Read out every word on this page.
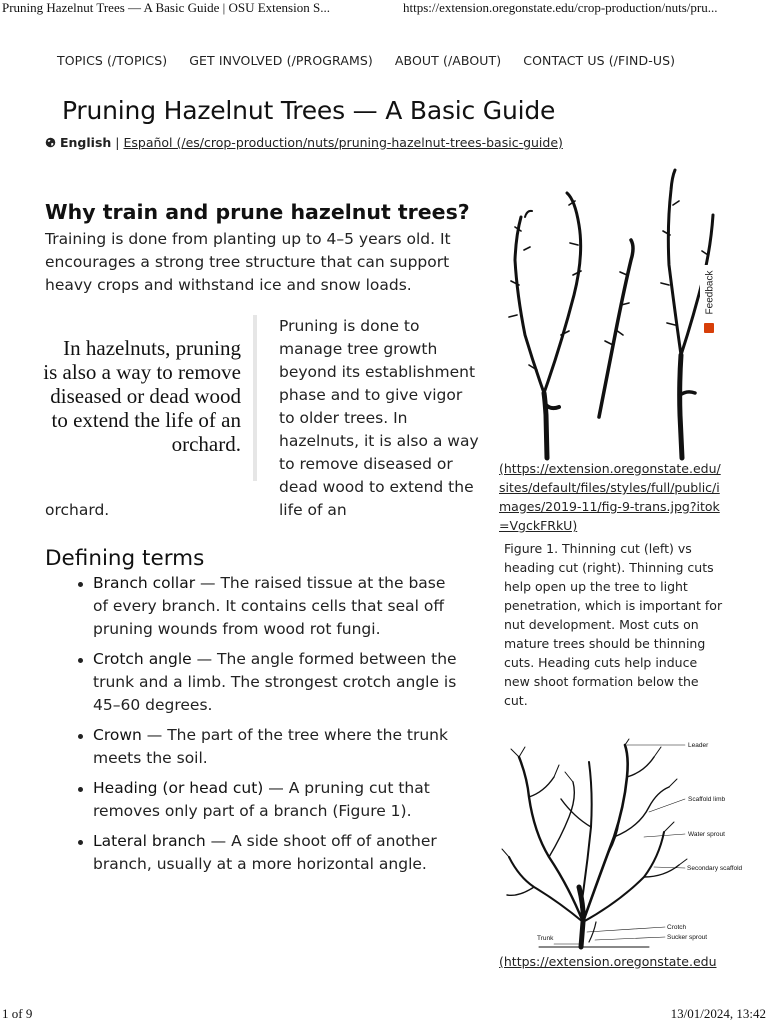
Pruning Hazelnut Trees — A Basic Guide | OSU Extension S...	https://extension.oregonstate.edu/crop-production/nuts/pru...
TOPICS (/TOPICS) GET INVOLVED (/PROGRAMS) ABOUT (/ABOUT) CONTACT US (/FIND-US)
Pruning Hazelnut Trees — A Basic Guide
English | Español (/es/crop-production/nuts/pruning-hazelnut-trees-basic-guide)
Why train and prune hazelnut trees?

Training is done from planting up to 4–5 years old. It encourages a strong tree structure that can support heavy crops and withstand ice and snow loads.

In hazelnuts, pruning
is also a way to remove
diseased or dead wood
to extend the life of an
orchard.
Pruning is done to manage tree growth beyond its establishment phase and to give vigor to older trees. In hazelnuts, it is also a way to remove diseased or dead wood to extend the life of an
orchard.
Defining terms
Branch collar — The raised tissue at the base of every branch. It contains cells that seal off pruning wounds from wood rot fungi.
Crotch angle — The angle formed between the trunk and a limb. The strongest crotch angle is 45–60 degrees.
Crown — The part of the tree where the trunk meets the soil.
Heading (or head cut) — A pruning cut that removes only part of a branch (Figure 1).
Lateral branch — A side shoot off of another branch, usually at a more horizontal angle.
Feedback
(https://extension.oregonstate.edu/sites/default/files/styles/full/public/images/2019-11/fig-9-trans.jpg?itok=VgckFRkU)
Figure 1. Thinning cut (left) vs heading cut (right). Thinning cuts help open up the tree to light penetration, which is important for nut development. Most cuts on mature trees should be thinning cuts. Heading cuts help induce new shoot formation below the cut.
Leader
Scaffold limb
Water sprout
Secondary scaffold
Crotch
Sucker sprout
Trunk
(https://extension.oregonstate.edu
1 of 9	13/01/2024, 13:42
